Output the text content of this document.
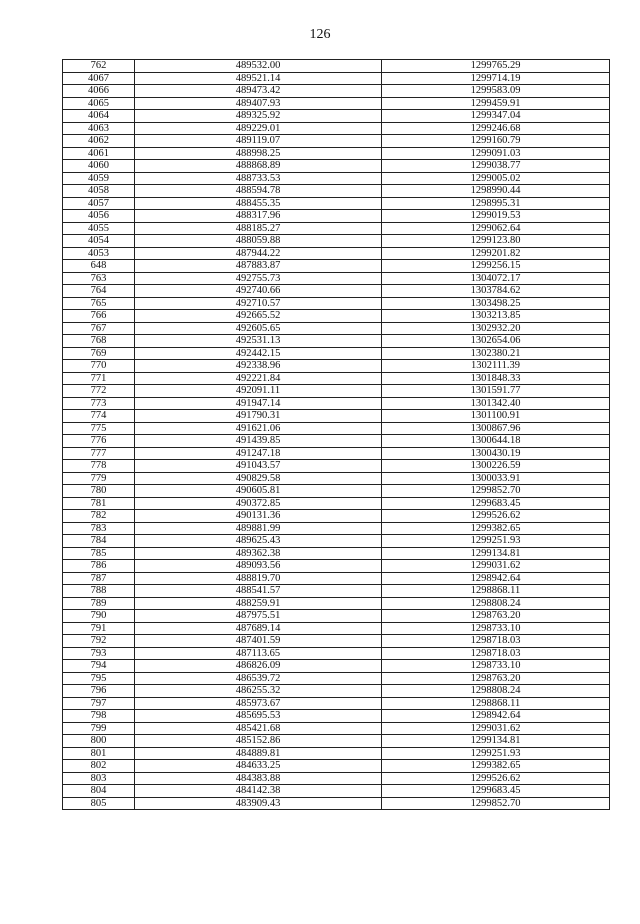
126
762	489532.00	1299765.29
4067	489521.14	1299714.19
4066	489473.42	1299583.09
4065	489407.93	1299459.91
4064	489325.92	1299347.04
4063	489229.01	1299246.68
4062	489119.07	1299160.79
4061	488998.25	1299091.03
4060	488868.89	1299038.77
4059	488733.53	1299005.02
4058	488594.78	1298990.44
4057	488455.35	1298995.31
4056	488317.96	1299019.53
4055	488185.27	1299062.64
4054	488059.88	1299123.80
4053	487944.22	1299201.82
648	487883.87	1299256.15
763	492755.73	1304072.17
764	492740.66	1303784.62
765	492710.57	1303498.25
766	492665.52	1303213.85
767	492605.65	1302932.20
768	492531.13	1302654.06
769	492442.15	1302380.21
770	492338.96	1302111.39
771	492221.84	1301848.33
772	492091.11	1301591.77
773	491947.14	1301342.40
774	491790.31	1301100.91
775	491621.06	1300867.96
776	491439.85	1300644.18
777	491247.18	1300430.19
778	491043.57	1300226.59
779	490829.58	1300033.91
780	490605.81	1299852.70
781	490372.85	1299683.45
782	490131.36	1299526.62
783	489881.99	1299382.65
784	489625.43	1299251.93
785	489362.38	1299134.81
786	489093.56	1299031.62
787	488819.70	1298942.64
788	488541.57	1298868.11
789	488259.91	1298808.24
790	487975.51	1298763.20
791	487689.14	1298733.10
792	487401.59	1298718.03
793	487113.65	1298718.03
794	486826.09	1298733.10
795	486539.72	1298763.20
796	486255.32	1298808.24
797	485973.67	1298868.11
798	485695.53	1298942.64
799	485421.68	1299031.62
800	485152.86	1299134.81
801	484889.81	1299251.93
802	484633.25	1299382.65
803	484383.88	1299526.62
804	484142.38	1299683.45
805	483909.43	1299852.70
